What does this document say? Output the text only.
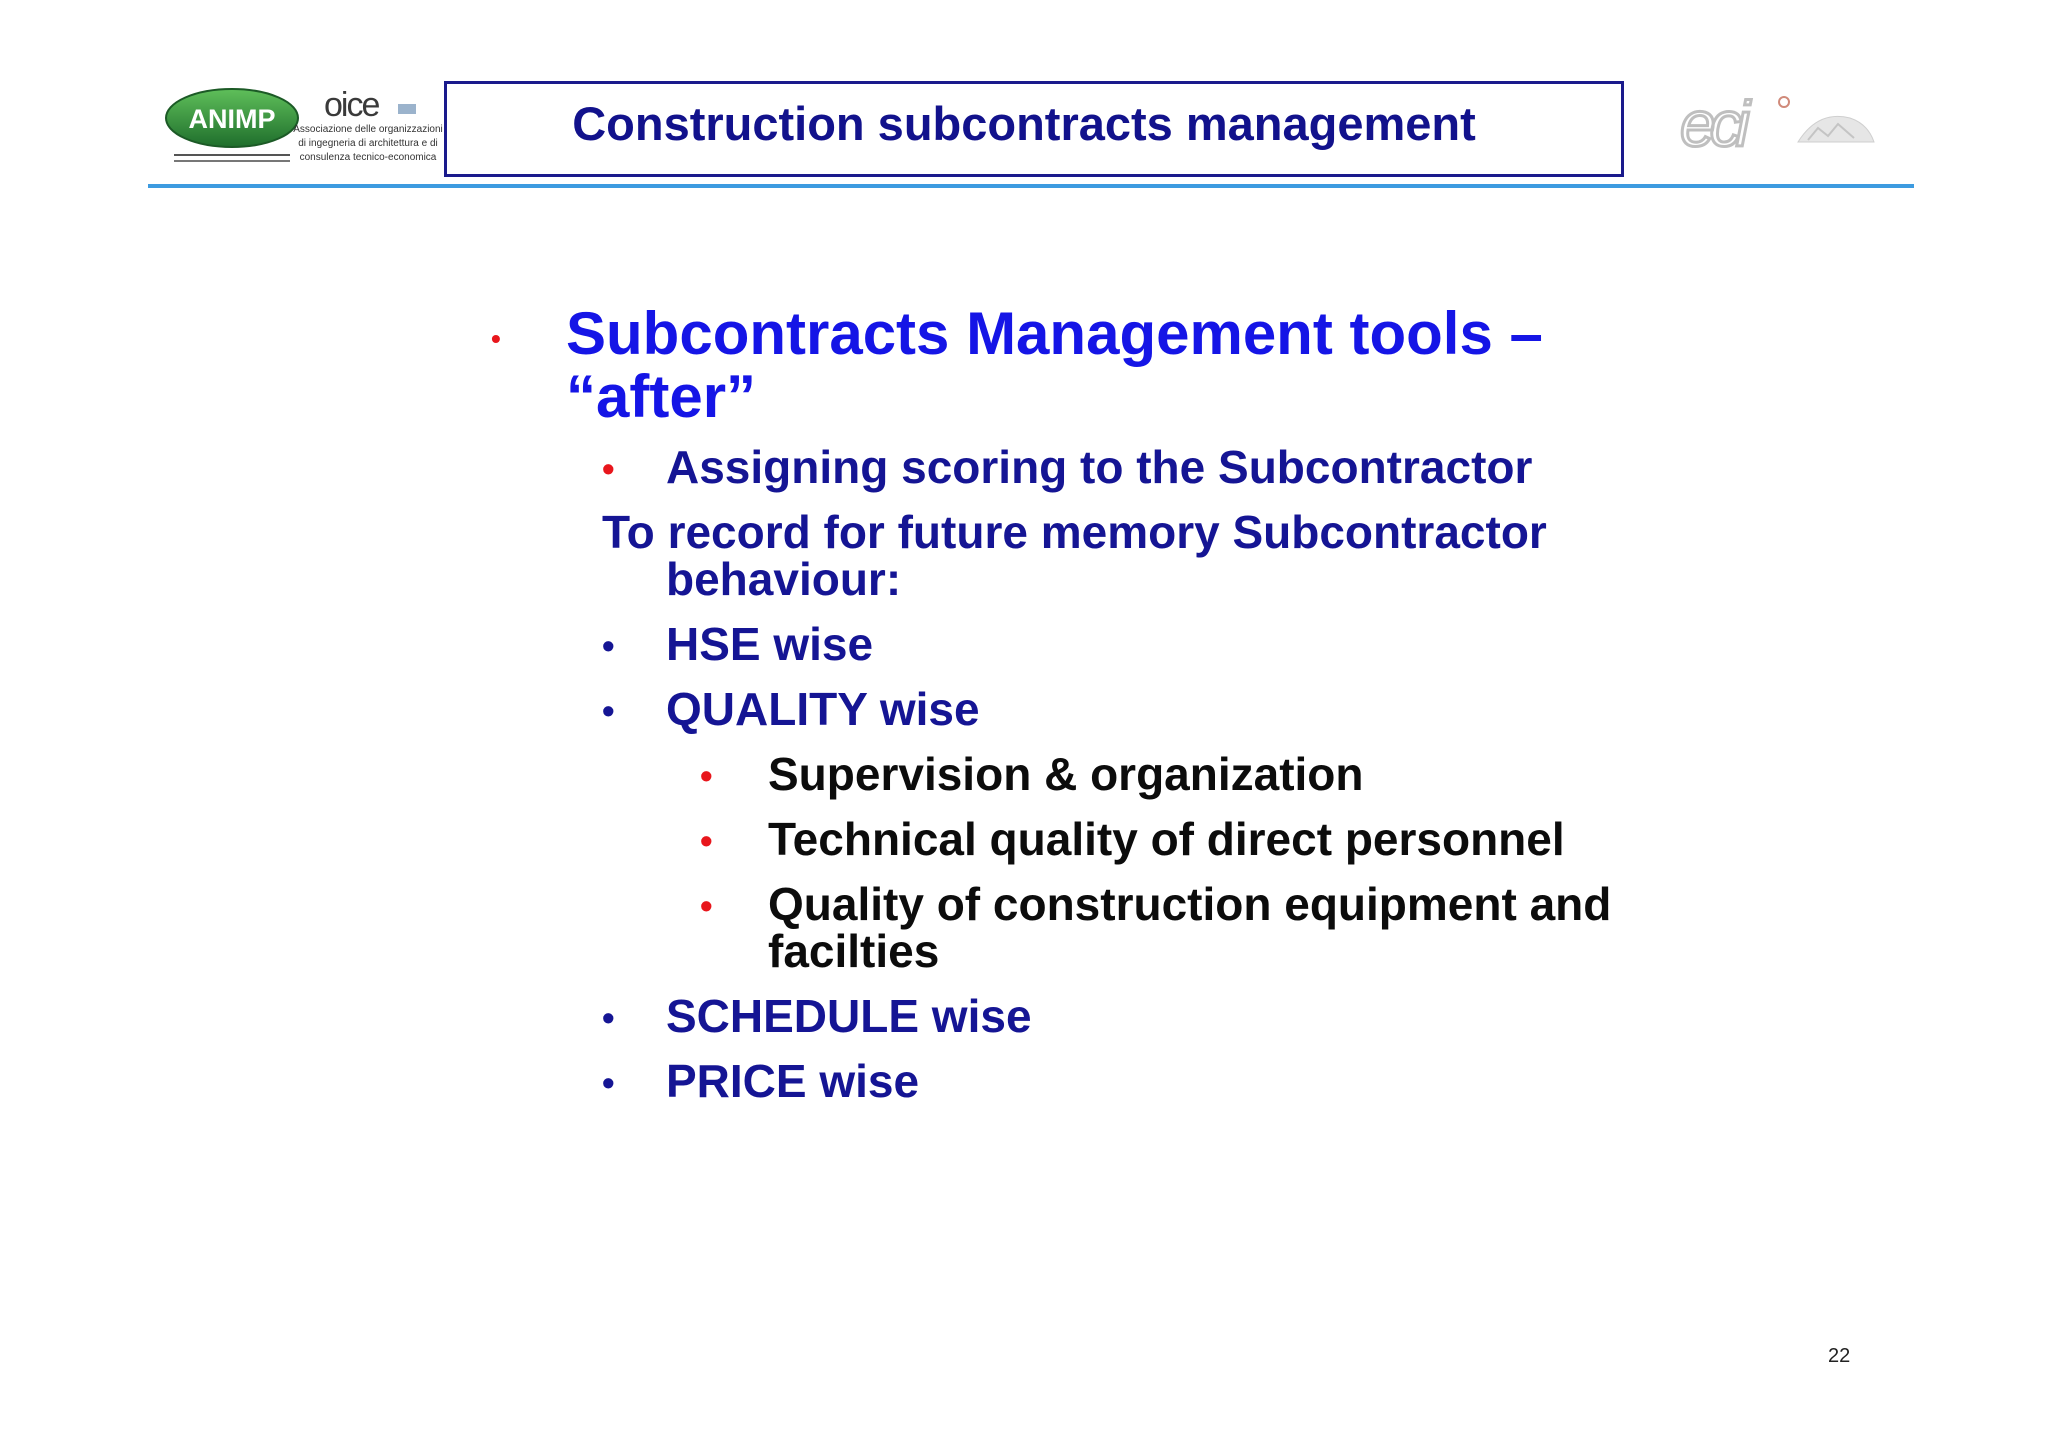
ANIMP oice
Associazione delle organizzazioni
di ingegneria di architettura e di
consulenza tecnico-economica
Construction subcontracts management	eci
• Subcontracts Management tools –
“after”
• Assigning scoring to the Subcontractor
To record for future memory Subcontractor
behaviour:
• HSE wise
• QUALITY wise
• Supervision & organization
• Technical quality of direct personnel
• Quality of construction equipment and
facilties
• SCHEDULE wise
• PRICE wise
22
